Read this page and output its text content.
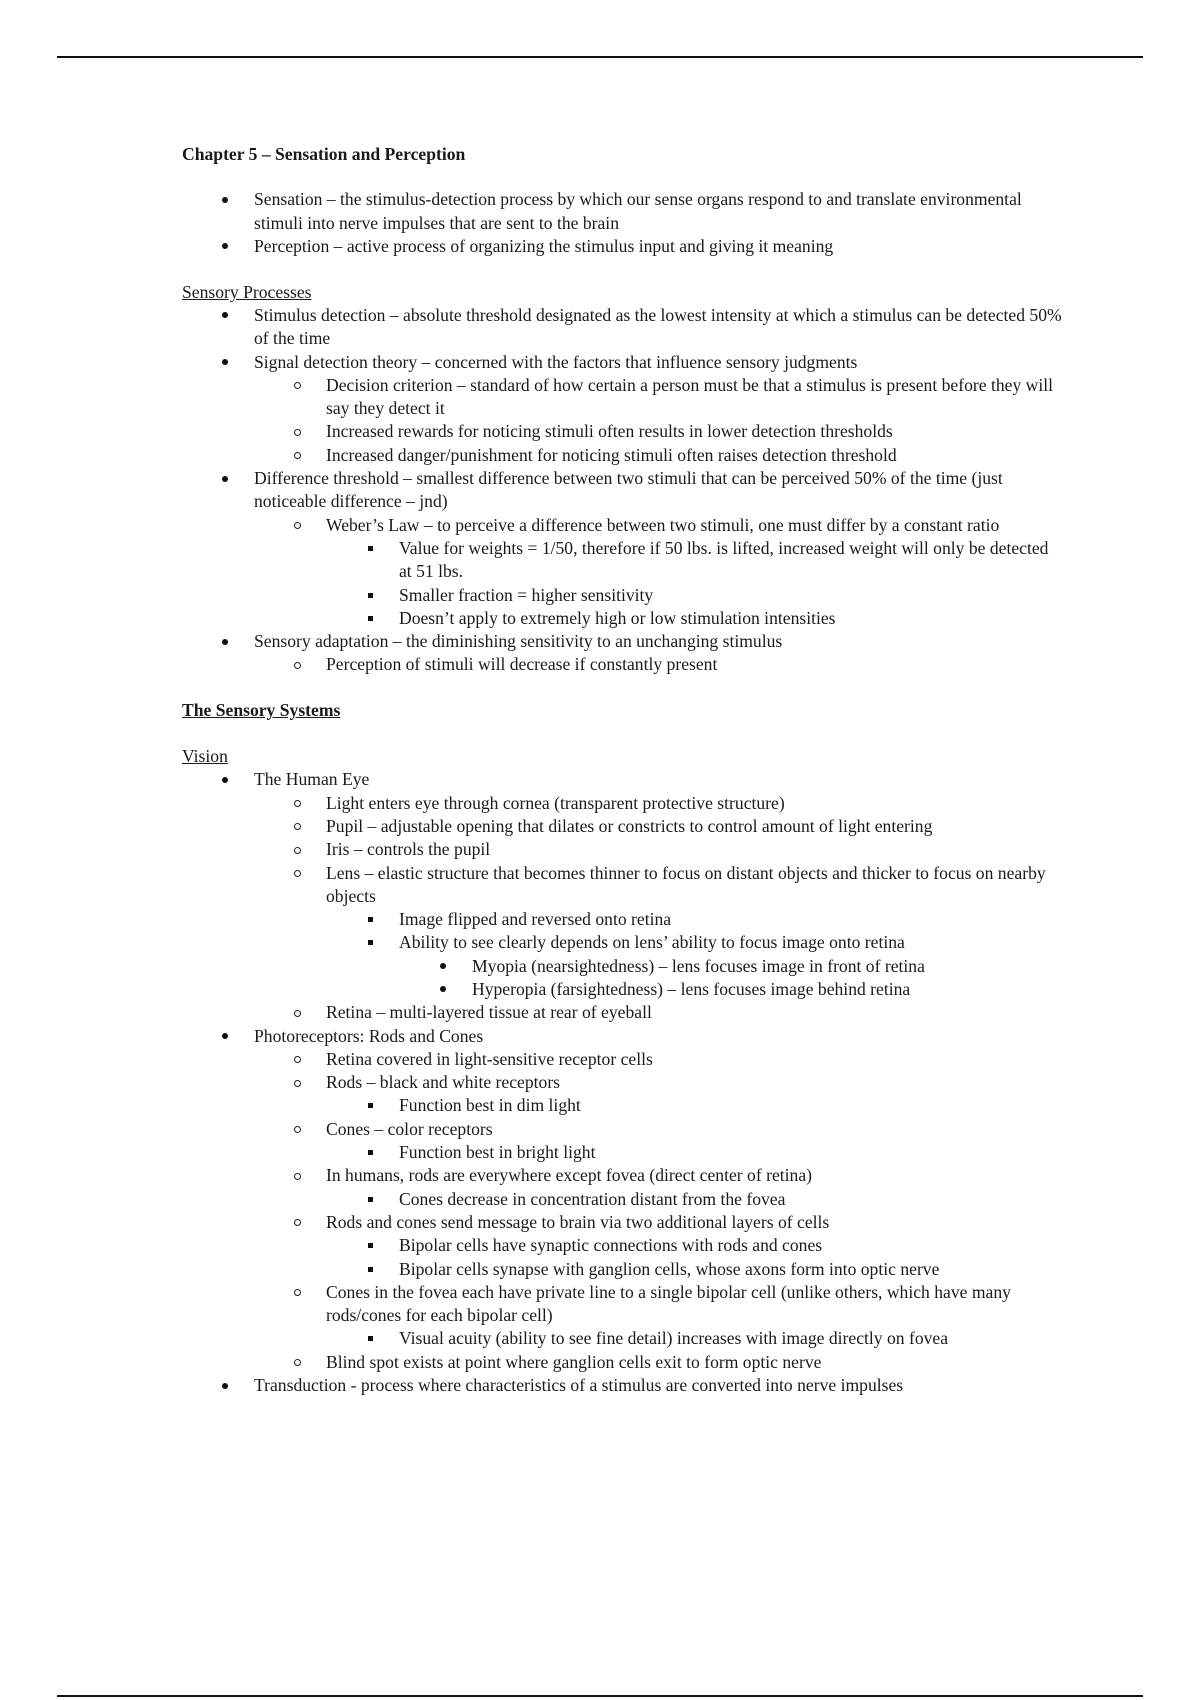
Chapter 5 – Sensation and Perception

Sensation – the stimulus-detection process by which our sense organs respond to and translate environmental stimuli into nerve impulses that are sent to the brain
Perception – active process of organizing the stimulus input and giving it meaning

Sensory Processes

Stimulus detection – absolute threshold designated as the lowest intensity at which a stimulus can be detected 50% of the time
Signal detection theory – concerned with the factors that influence sensory judgments
Decision criterion – standard of how certain a person must be that a stimulus is present before they will say they detect it
Increased rewards for noticing stimuli often results in lower detection thresholds
Increased danger/punishment for noticing stimuli often raises detection threshold
Difference threshold – smallest difference between two stimuli that can be perceived 50% of the time (just noticeable difference – jnd)
Weber’s Law – to perceive a difference between two stimuli, one must differ by a constant ratio
Value for weights = 1/50, therefore if 50 lbs. is lifted, increased weight will only be detected at 51 lbs.
Smaller fraction = higher sensitivity
Doesn’t apply to extremely high or low stimulation intensities
Sensory adaptation – the diminishing sensitivity to an unchanging stimulus
Perception of stimuli will decrease if constantly present

The Sensory Systems

Vision

The Human Eye
Light enters eye through cornea (transparent protective structure)
Pupil – adjustable opening that dilates or constricts to control amount of light entering
Iris – controls the pupil
Lens – elastic structure that becomes thinner to focus on distant objects and thicker to focus on nearby objects
Image flipped and reversed onto retina
Ability to see clearly depends on lens’ ability to focus image onto retina
Myopia (nearsightedness) – lens focuses image in front of retina
Hyperopia (farsightedness) – lens focuses image behind retina
Retina – multi-layered tissue at rear of eyeball
Photoreceptors: Rods and Cones
Retina covered in light-sensitive receptor cells
Rods – black and white receptors
Function best in dim light
Cones – color receptors
Function best in bright light
In humans, rods are everywhere except fovea (direct center of retina)
Cones decrease in concentration distant from the fovea
Rods and cones send message to brain via two additional layers of cells
Bipolar cells have synaptic connections with rods and cones
Bipolar cells synapse with ganglion cells, whose axons form into optic nerve
Cones in the fovea each have private line to a single bipolar cell (unlike others, which have many rods/cones for each bipolar cell)
Visual acuity (ability to see fine detail) increases with image directly on fovea
Blind spot exists at point where ganglion cells exit to form optic nerve
Transduction - process where characteristics of a stimulus are converted into nerve impulses
